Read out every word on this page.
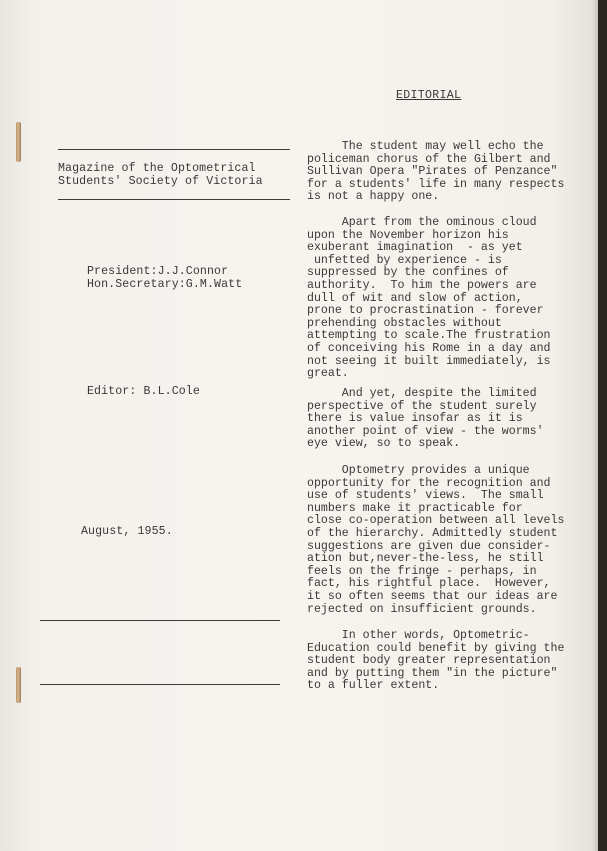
Magazine of the Optometrical
Students' Society of Victoria
President:J.J.Connor
Hon.Secretary:G.M.Watt
Editor: B.L.Cole
August, 1955.
EDITORIAL
The student may well echo the
policeman chorus of the Gilbert and
Sullivan Opera "Pirates of Penzance"
for a students' life in many respects
is not a happy one.
Apart from the ominous cloud
upon the November horizon his
exuberant imagination  - as yet
unfetted by experience - is
suppressed by the confines of
authority.  To him the powers are
dull of wit and slow of action,
prone to procrastination - forever
prehending obstacles without
attempting to scale.The frustration
of conceiving his Rome in a day and
not seeing it built immediately, is
great.
And yet, despite the limited
perspective of the student surely
there is value insofar as it is
another point of view - the worms'
eye view, so to speak.
Optometry provides a unique
opportunity for the recognition and
use of students' views.  The small
numbers make it practicable for
close co-operation between all levels
of the hierarchy. Admittedly student
suggestions are given due consider-
ation but,never-the-less, he still
feels on the fringe - perhaps, in
fact, his rightful place.  However,
it so often seems that our ideas are
rejected on insufficient grounds.
In other words, Optometric-
Education could benefit by giving the
student body greater representation
and by putting them "in the picture"
to a fuller extent.
